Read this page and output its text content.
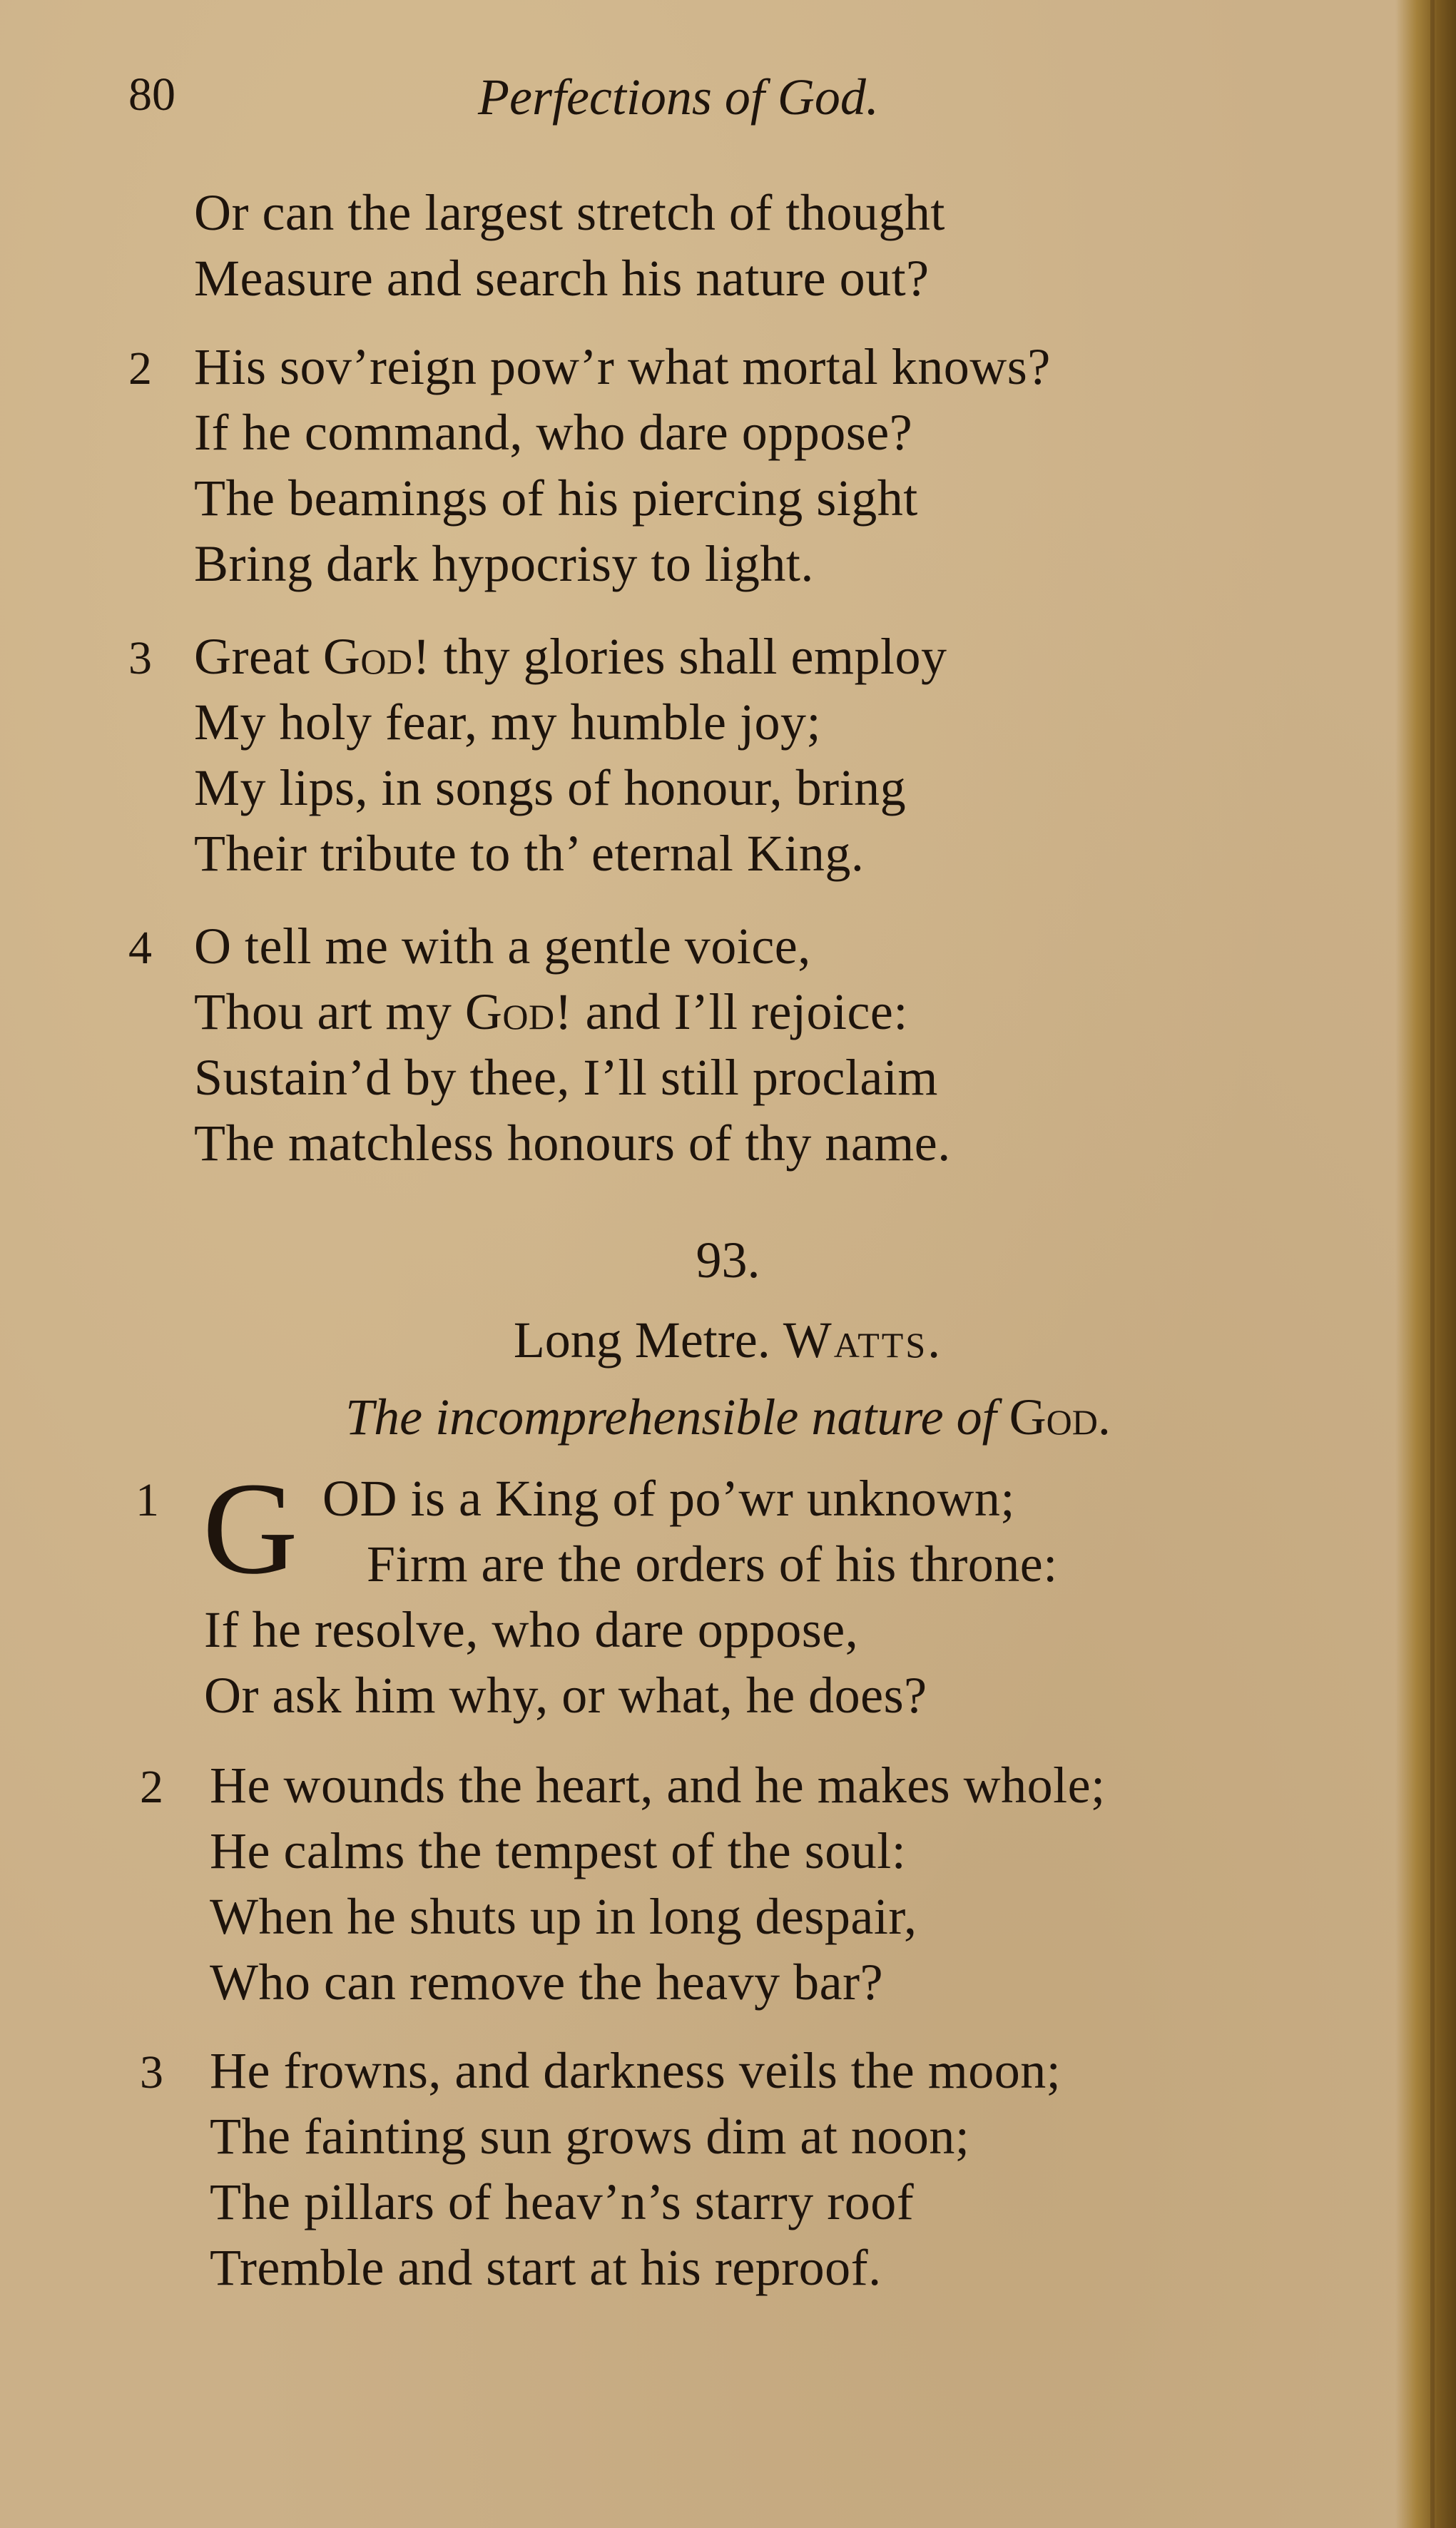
80	Perfections of God.
Or can the largest stretch of thought
Measure and search his nature out?
2 His sov’reign pow’r what mortal knows?
If he command, who dare oppose?
The beamings of his piercing sight
Bring dark hypocrisy to light.
3 Great God! thy glories shall employ
My holy fear, my humble joy;
My lips, in songs of honour, bring
Their tribute to th’ eternal King.
4 O tell me with a gentle voice,
Thou art my God! and I’ll rejoice:
Sustain’d by thee, I’ll still proclaim
The matchless honours of thy name.
93.
Long Metre. Watts.
The incomprehensible nature of God.
1 G OD is a King of po’wr unknown;
Firm are the orders of his throne:
If he resolve, who dare oppose,
Or ask him why, or what, he does?
2 He wounds the heart, and he makes whole;
He calms the tempest of the soul:
When he shuts up in long despair,
Who can remove the heavy bar?
3 He frowns, and darkness veils the moon;
The fainting sun grows dim at noon;
The pillars of heav’n’s starry roof
Tremble and start at his reproof.
